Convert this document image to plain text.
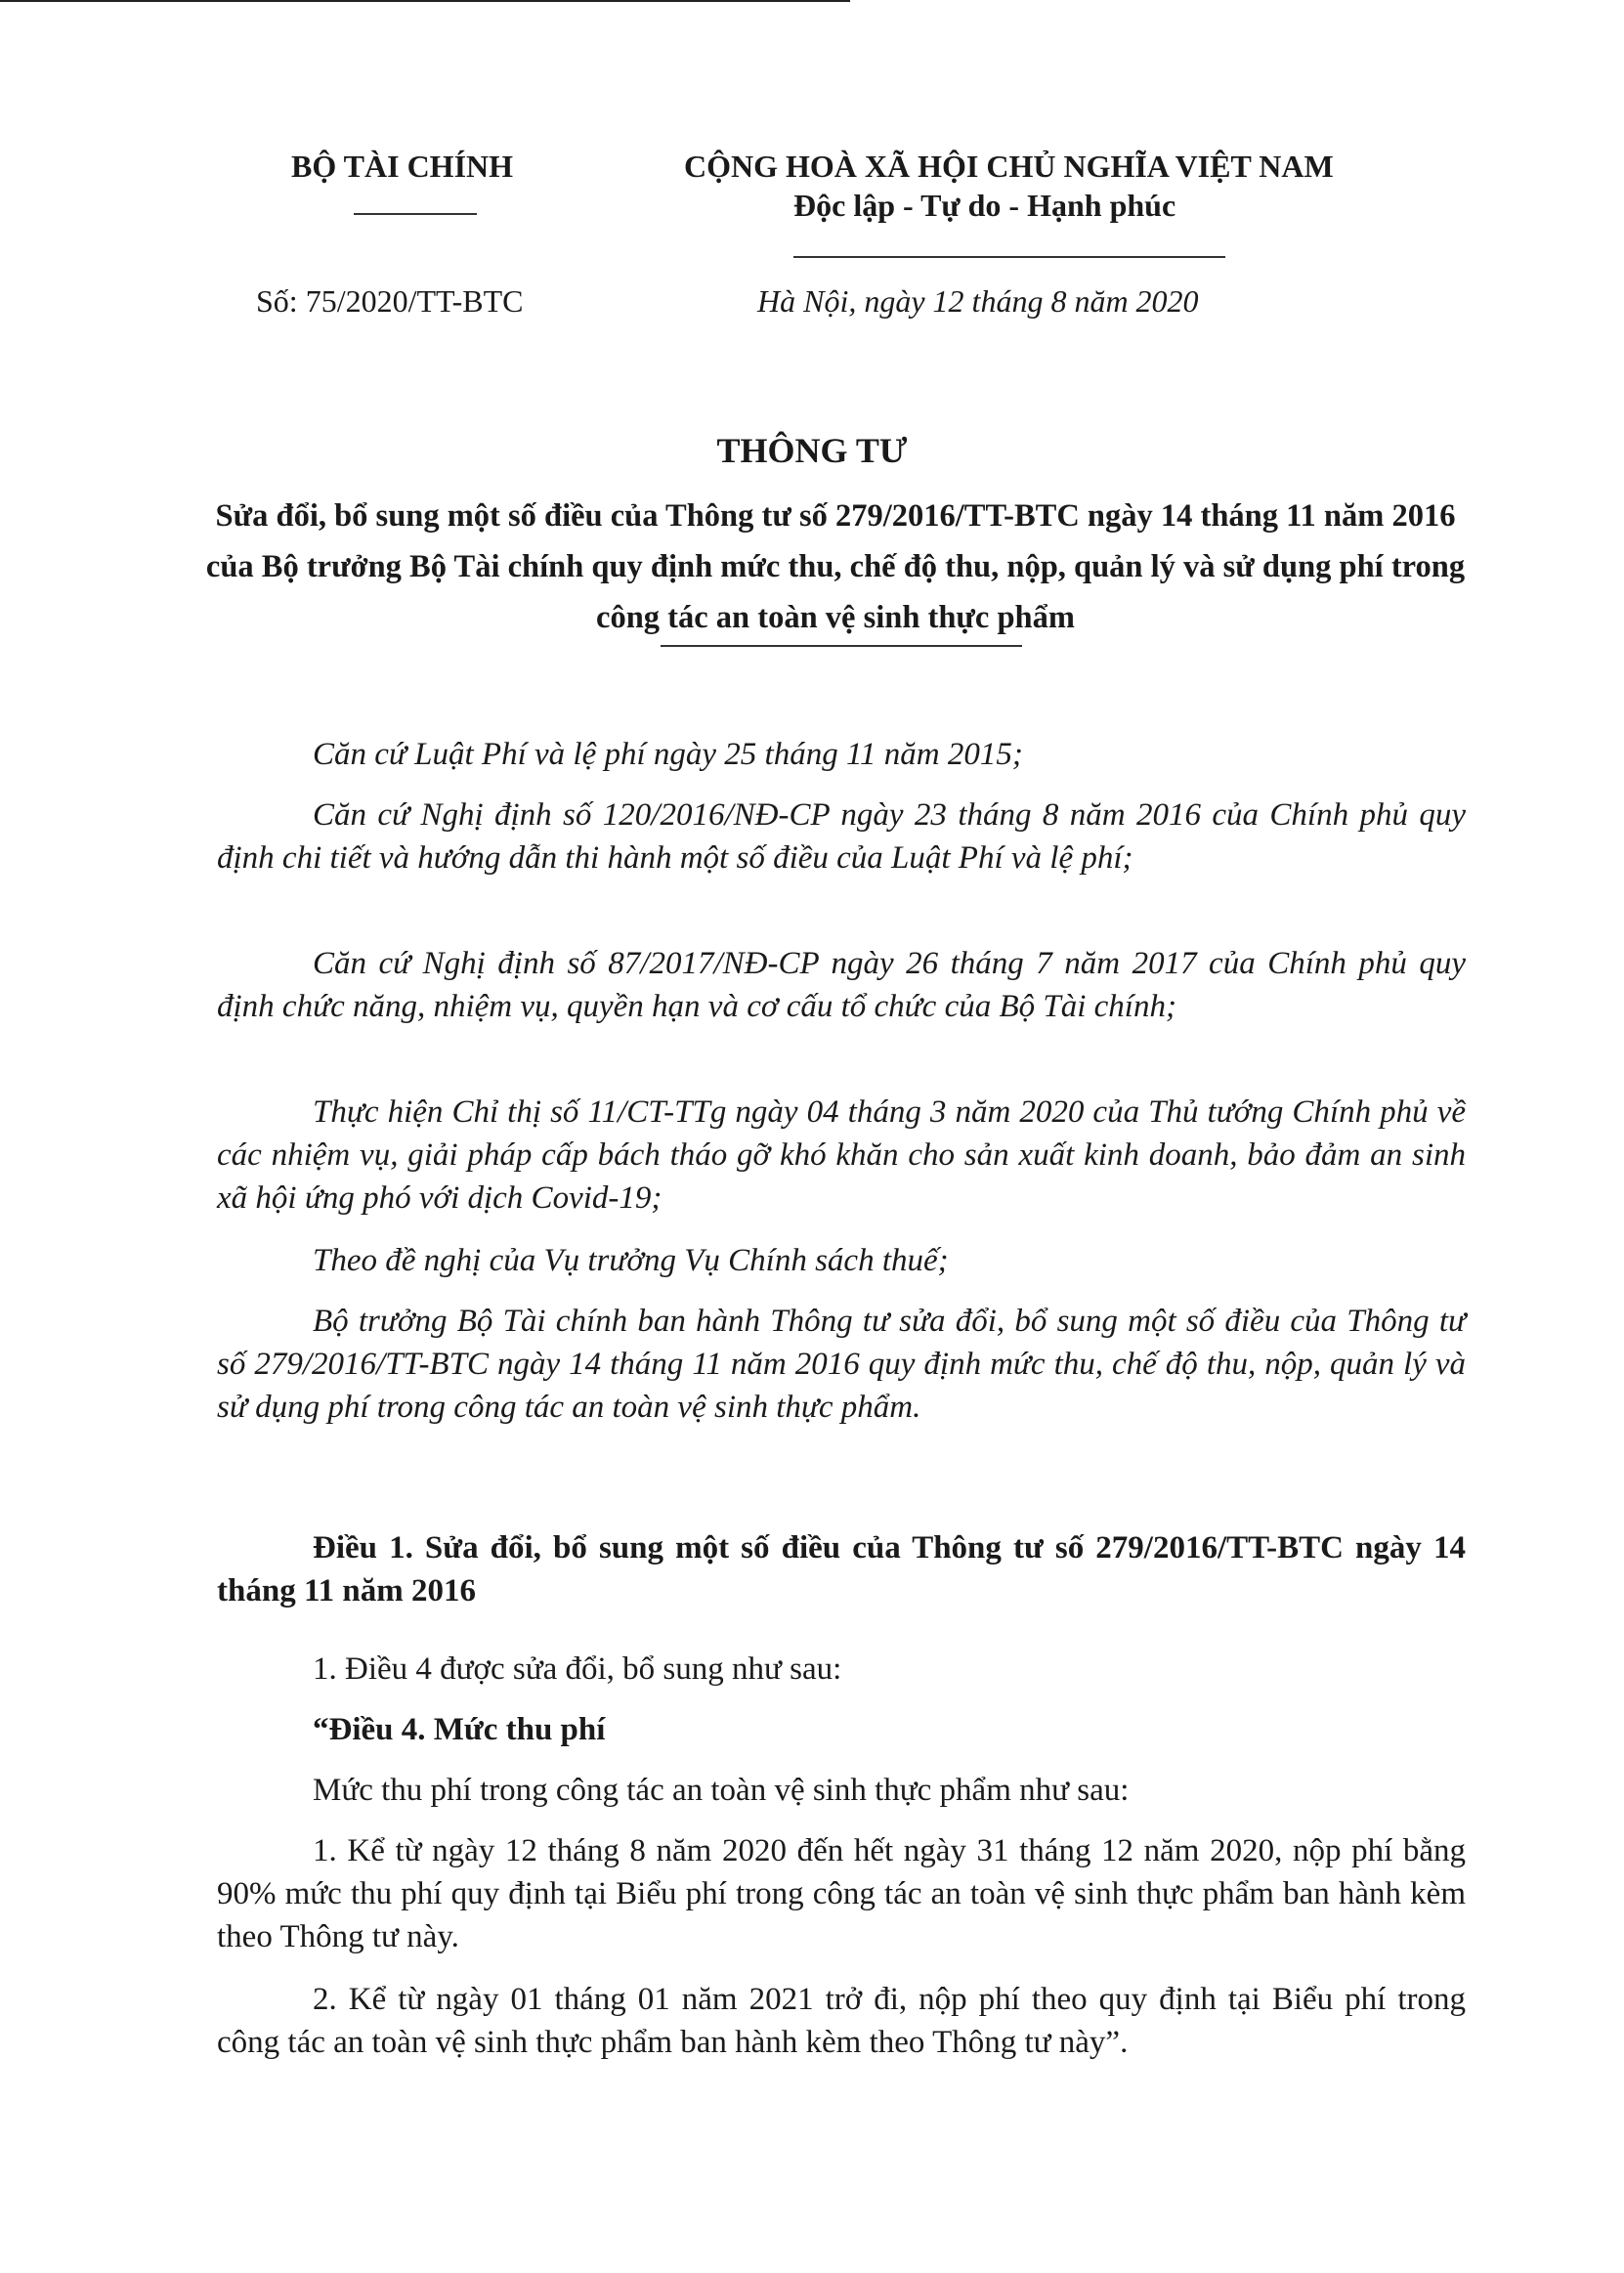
BỘ TÀI CHÍNH	CỘNG HOÀ XÃ HỘI CHỦ NGHĨA VIỆT NAM
Độc lập - Tự do - Hạnh phúc
Số: 75/2020/TT-BTC	Hà Nội, ngày 12 tháng 8 năm 2020
THÔNG TƯ
Sửa đổi, bổ sung một số điều của Thông tư số 279/2016/TT-BTC ngày 14 tháng 11 năm 2016 của Bộ trưởng Bộ Tài chính quy định mức thu, chế độ thu, nộp, quản lý và sử dụng phí trong công tác an toàn vệ sinh thực phẩm
Căn cứ Luật Phí và lệ phí ngày 25 tháng 11 năm 2015;
Căn cứ Nghị định số 120/2016/NĐ-CP ngày 23 tháng 8 năm 2016 của Chính phủ quy định chi tiết và hướng dẫn thi hành một số điều của Luật Phí và lệ phí;
Căn cứ Nghị định số 87/2017/NĐ-CP ngày 26 tháng 7 năm 2017 của Chính phủ quy định chức năng, nhiệm vụ, quyền hạn và cơ cấu tổ chức của Bộ Tài chính;
Thực hiện Chỉ thị số 11/CT-TTg ngày 04 tháng 3 năm 2020 của Thủ tướng Chính phủ về các nhiệm vụ, giải pháp cấp bách tháo gỡ khó khăn cho sản xuất kinh doanh, bảo đảm an sinh xã hội ứng phó với dịch Covid-19;
Theo đề nghị của Vụ trưởng Vụ Chính sách thuế;
Bộ trưởng Bộ Tài chính ban hành Thông tư sửa đổi, bổ sung một số điều của Thông tư số 279/2016/TT-BTC ngày 14 tháng 11 năm 2016 quy định mức thu, chế độ thu, nộp, quản lý và sử dụng phí trong công tác an toàn vệ sinh thực phẩm.
Điều 1. Sửa đổi, bổ sung một số điều của Thông tư số 279/2016/TT-BTC ngày 14 tháng 11 năm 2016
1. Điều 4 được sửa đổi, bổ sung như sau:
“Điều 4. Mức thu phí
Mức thu phí trong công tác an toàn vệ sinh thực phẩm như sau:
1. Kể từ ngày 12 tháng 8 năm 2020 đến hết ngày 31 tháng 12 năm 2020, nộp phí bằng 90% mức thu phí quy định tại Biểu phí trong công tác an toàn vệ sinh thực phẩm ban hành kèm theo Thông tư này.
2. Kể từ ngày 01 tháng 01 năm 2021 trở đi, nộp phí theo quy định tại Biểu phí trong công tác an toàn vệ sinh thực phẩm ban hành kèm theo Thông tư này”.
